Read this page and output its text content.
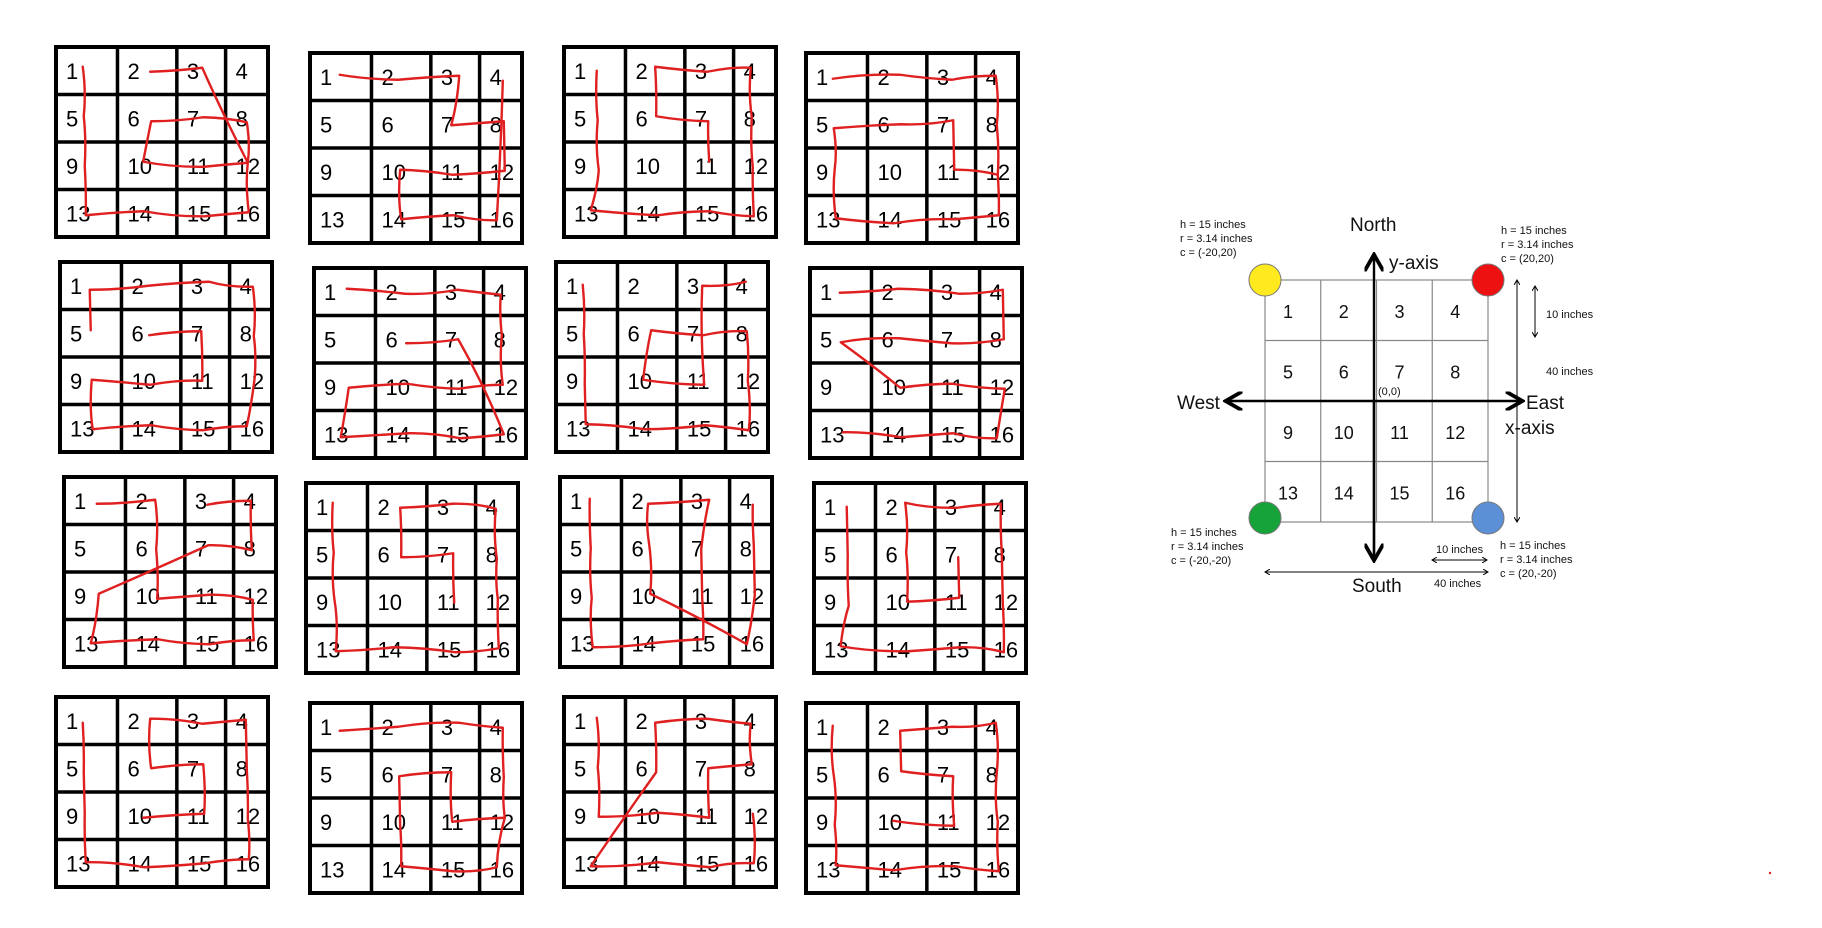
1 2 3 4
5 6 7 8
9 10 11 12
13 14 15 16
1 2 3 4
5 6 7 8
9 10 11 12
13 14 15 16
1 2 3 4
5 6 7 8
9 10 11 12
13 14 15 16
1 2 3 4
5 6 7 8
9 10 11 12
13 14 15 16
1 2 3 4
5 6 7 8
9 10 11 12
13 14 15 16
1 2 3 4
5 6 7 8
9 10 11 12
13 14 15 16
1 2 3 4
5 6 7 8
9 10 11 12
13 14 15 16
1 2 3 4
5 6 7 8
9 10 11 12
13 14 15 16
1 2 3 4
5 6 7 8
9 10 11 12
13 14 15 16
1 2 3 4
5 6 7 8
9 10 11 12
13 14 15 16
1 2 3 4
5 6 7 8
9 10 11 12
13 14 15 16
1 2 3 4
5 6 7 8
9 10 11 12
13 14 15 16
1 2 3 4
5 6 7 8
9 10 11 12
13 14 15 16
1 2 3 4
5 6 7 8
9 10 11 12
13 14 15 16
1 2 3 4
5 6 7 8
9 10 11 12
13 14 15 16
1 2 3 4
5 6 7 8
9 10 11 12
13 14 15 16
1	2	3	4
5	6	7	8
9 10 11 12
13 14 15 16
North
y-axis
South
West	East
x-axis
(0,0)
10 inches
40 inches
10 inches
40 inches
h = 15 inches
r = 3.14 inches
c = (-20,20)
h = 15 inches
r = 3.14 inches
c = (20,20)
h = 15 inches
r = 3.14 inches
c = (-20,-20)
h = 15 inches
r = 3.14 inches
c = (20,-20)
